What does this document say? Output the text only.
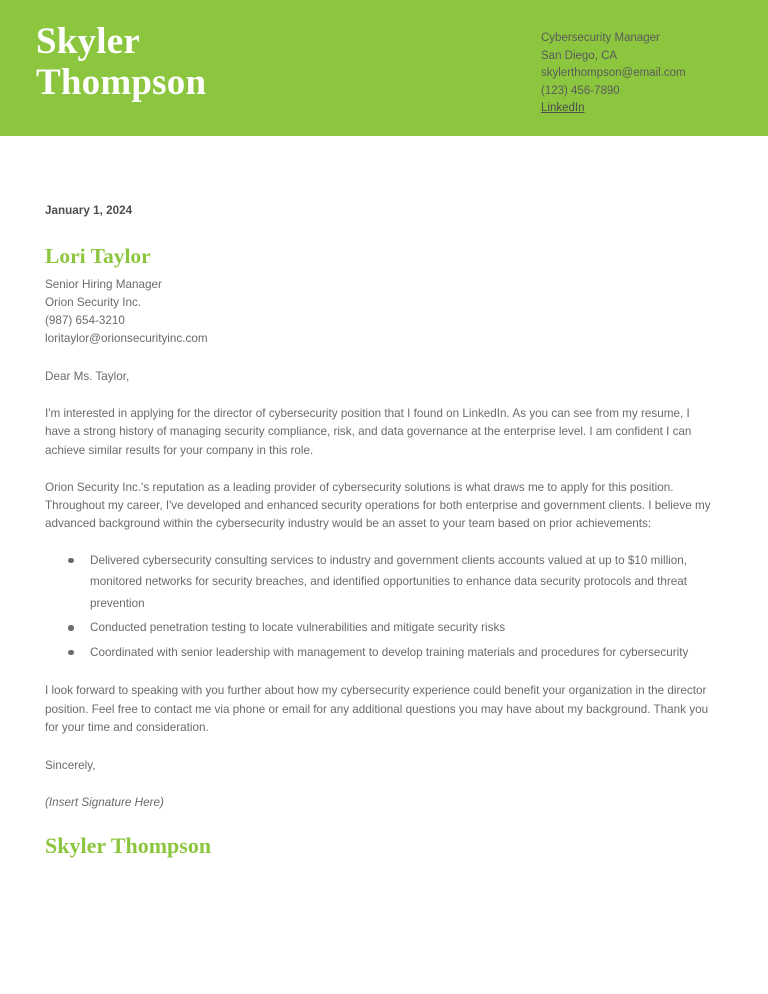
Skyler
Thompson
Cybersecurity Manager
San Diego, CA
skylerthompson@email.com
(123) 456-7890
LinkedIn
January 1, 2024
Lori Taylor
Senior Hiring Manager
Orion Security Inc.
(987) 654-3210
loritaylor@orionsecurityinc.com
Dear Ms. Taylor,
I'm interested in applying for the director of cybersecurity position that I found on LinkedIn. As you can see from my resume, I have a strong history of managing security compliance, risk, and data governance at the enterprise level. I am confident I can achieve similar results for your company in this role.
Orion Security Inc.'s reputation as a leading provider of cybersecurity solutions is what draws me to apply for this position. Throughout my career, I've developed and enhanced security operations for both enterprise and government clients. I believe my advanced background within the cybersecurity industry would be an asset to your team based on prior achievements:
Delivered cybersecurity consulting services to industry and government clients accounts valued at up to $10 million, monitored networks for security breaches, and identified opportunities to enhance data security protocols and threat prevention
Conducted penetration testing to locate vulnerabilities and mitigate security risks
Coordinated with senior leadership with management to develop training materials and procedures for cybersecurity
I look forward to speaking with you further about how my cybersecurity experience could benefit your organization in the director position. Feel free to contact me via phone or email for any additional questions you may have about my background. Thank you for your time and consideration.
Sincerely,
(Insert Signature Here)
Skyler Thompson
